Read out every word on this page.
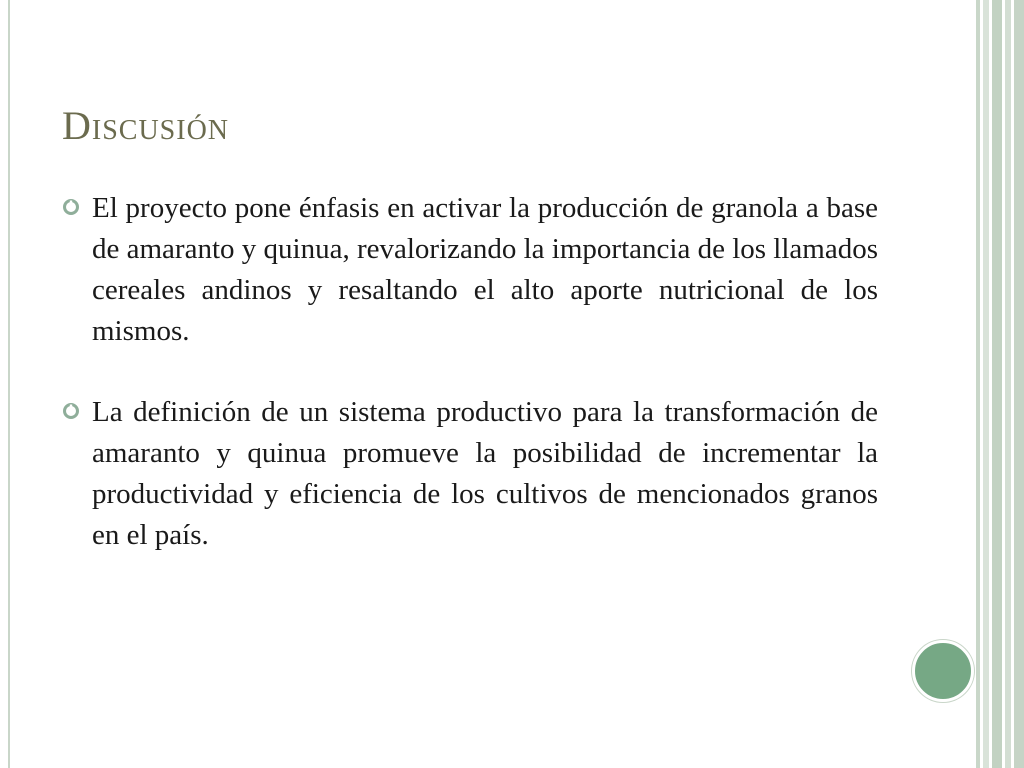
Discusión
El proyecto pone énfasis en activar la producción de granola a base de amaranto y quinua, revalorizando la importancia de los llamados cereales andinos y resaltando el alto aporte nutricional de los mismos.
La definición de un sistema productivo para la transformación de amaranto y quinua promueve la posibilidad de incrementar la productividad y eficiencia de los cultivos de mencionados granos en el país.
